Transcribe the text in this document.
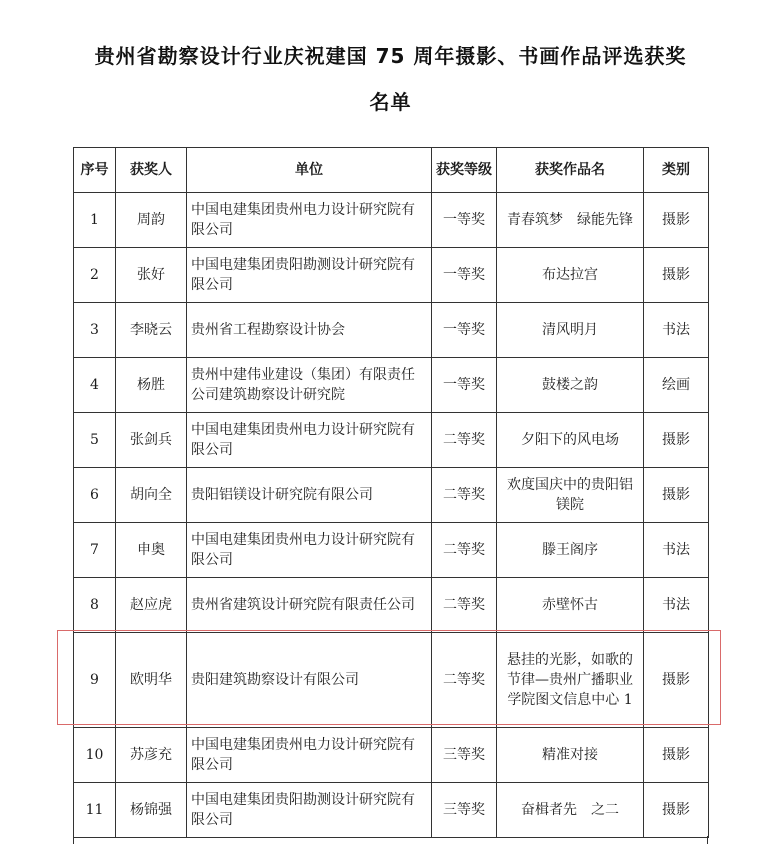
贵州省勘察设计行业庆祝建国 75 周年摄影、书画作品评选获奖
名单
序号	获奖人	单位	获奖等级	获奖作品名	类别
1	周韵	中国电建集团贵州电力设计研究院有限公司	一等奖	青春筑梦　绿能先锋	摄影
2	张好	中国电建集团贵阳勘测设计研究院有限公司	一等奖	布达拉宫	摄影
3	李晓云	贵州省工程勘察设计协会	一等奖	清风明月	书法
4	杨胜	贵州中建伟业建设（集团）有限责任公司建筑勘察设计研究院	一等奖	鼓楼之韵	绘画
5	张剑兵	中国电建集团贵州电力设计研究院有限公司	二等奖	夕阳下的风电场	摄影
6	胡向全	贵阳铝镁设计研究院有限公司	二等奖	欢度国庆中的贵阳铝镁院	摄影
7	申奥	中国电建集团贵州电力设计研究院有限公司	二等奖	滕王阁序	书法
8	赵应虎	贵州省建筑设计研究院有限责任公司	二等奖	赤壁怀古	书法
9	欧明华	贵阳建筑勘察设计有限公司	二等奖	悬挂的光影，如歌的节律—贵州广播职业学院图文信息中心 1	摄影
10	苏彦充	中国电建集团贵州电力设计研究院有限公司	三等奖	精准对接	摄影
11	杨锦强	中国电建集团贵阳勘测设计研究院有限公司	三等奖	奋楫者先　之二	摄影
